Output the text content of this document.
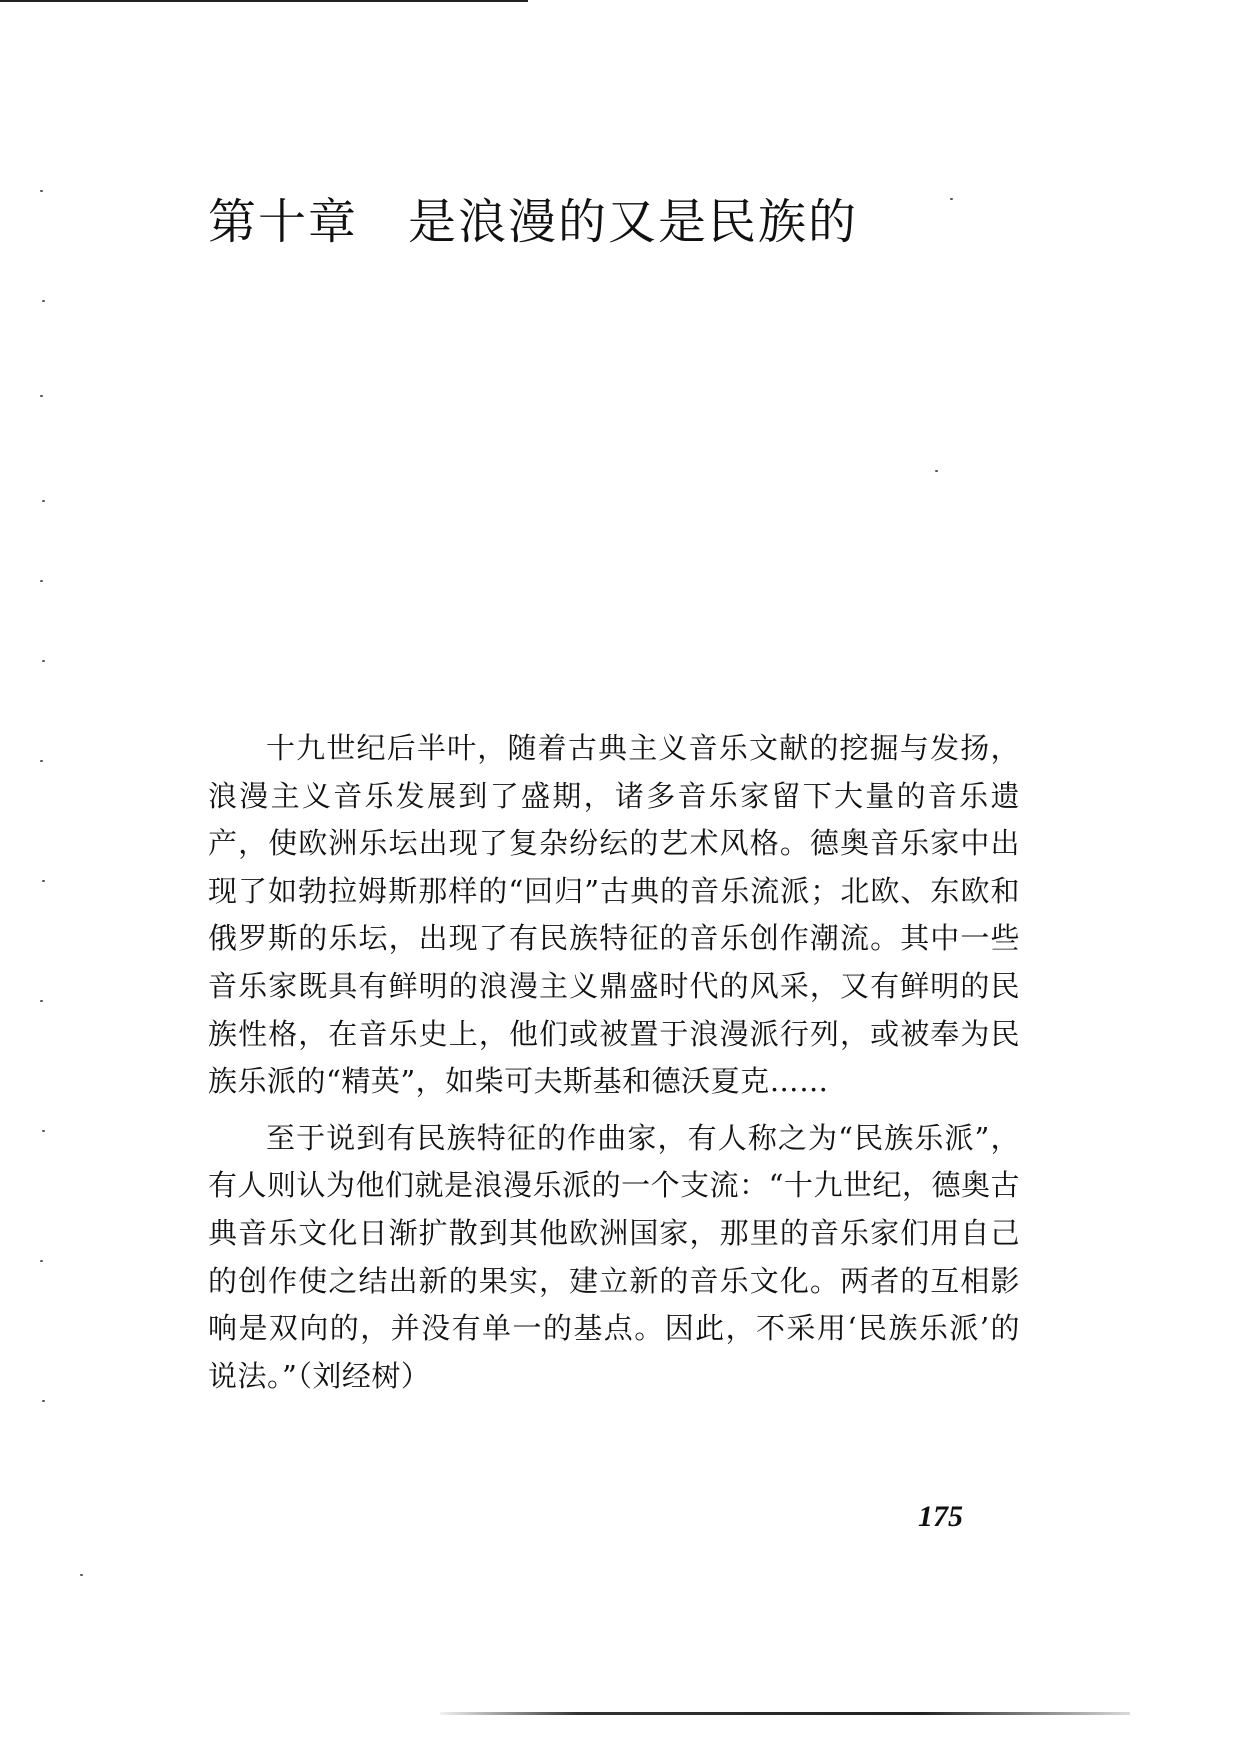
第十章 是浪漫的又是民族的

十九世纪后半叶，随着古典主义音乐文献的挖掘与发扬，浪漫主义音乐发展到了盛期，诸多音乐家留下大量的音乐遗产，使欧洲乐坛出现了复杂纷纭的艺术风格。德奥音乐家中出现了如勃拉姆斯那样的“回归”古典的音乐流派；北欧、东欧和俄罗斯的乐坛，出现了有民族特征的音乐创作潮流。其中一些音乐家既具有鲜明的浪漫主义鼎盛时代的风采，又有鲜明的民族性格，在音乐史上，他们或被置于浪漫派行列，或被奉为民族乐派的“精英”，如柴可夫斯基和德沃夏克……

至于说到有民族特征的作曲家，有人称之为“民族乐派”，有人则认为他们就是浪漫乐派的一个支流：“十九世纪，德奥古典音乐文化日渐扩散到其他欧洲国家，那里的音乐家们用自己的创作使之结出新的果实，建立新的音乐文化。两者的互相影响是双向的，并没有单一的基点。因此，不采用‘民族乐派’的说法。”（刘经树）

175
